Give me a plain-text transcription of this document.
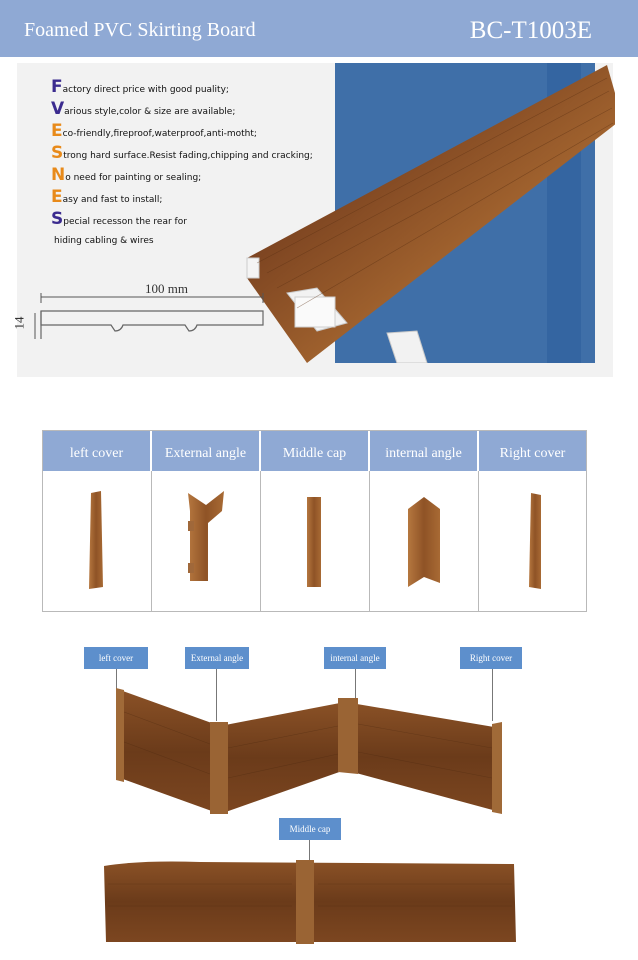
Foamed PVC Skirting Board	BC-T1003E
Factory direct price with good puality;
Various style,color & size are available;
Eco-friendly,fireproof,waterproof,anti-motht;
Strong hard surface.Resist fading,chipping and cracking;
No need for painting or sealing;
Easy and fast to install;
Special recesson the rear for
hiding cabling & wires
100 mm
14
left cover	External angle	Middle cap	internal angle	Right cover
left cover	External angle	internal angle	Right cover
Middle cap
